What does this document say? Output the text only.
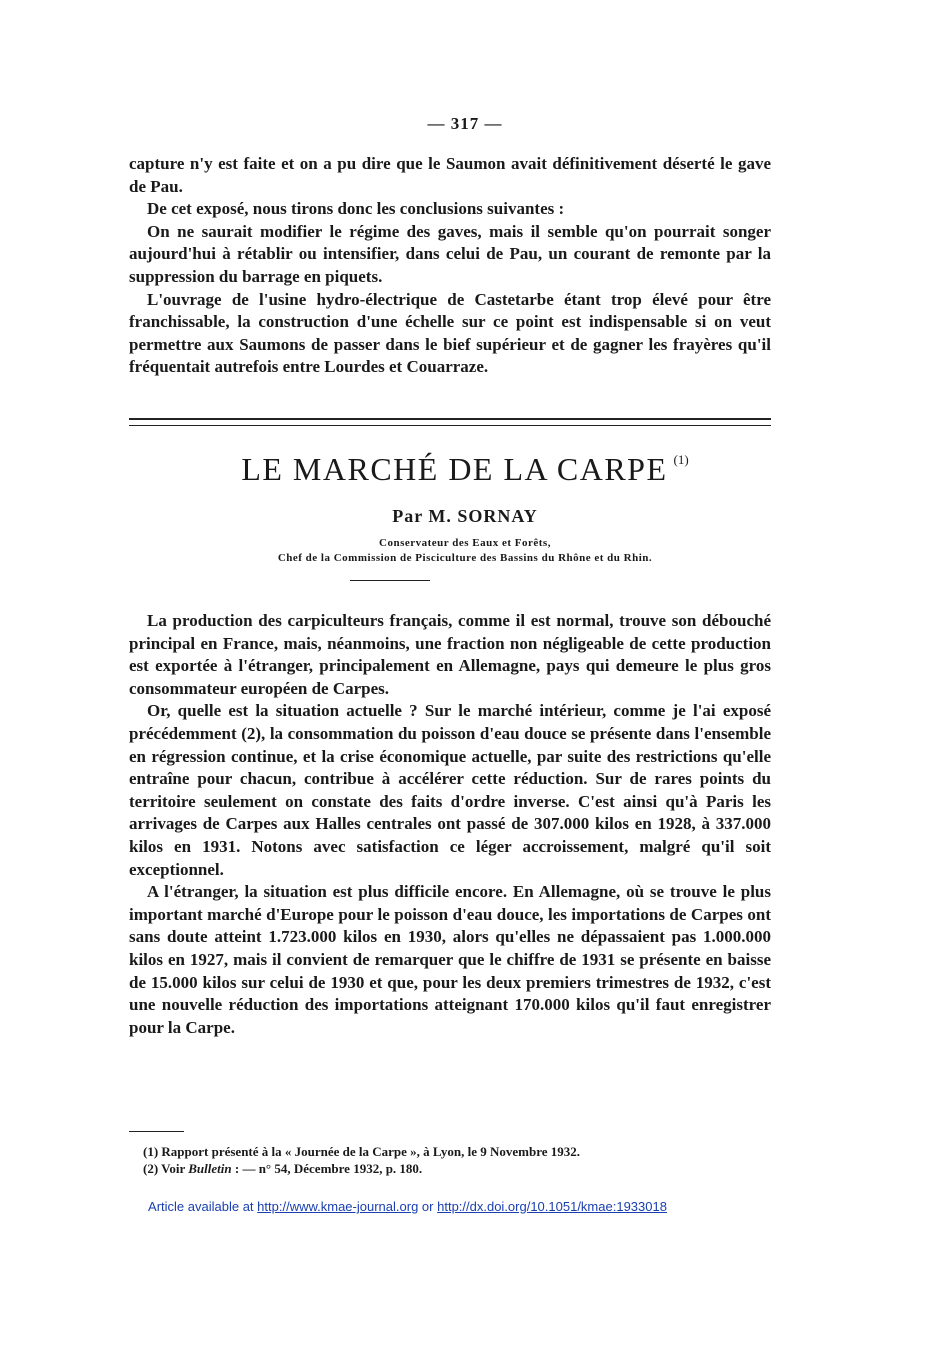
— 317 —

capture n'y est faite et on a pu dire que le Saumon avait définitivement déserté le gave de Pau.

De cet exposé, nous tirons donc les conclusions suivantes :

On ne saurait modifier le régime des gaves, mais il semble qu'on pourrait songer aujourd'hui à rétablir ou intensifier, dans celui de Pau, un courant de remonte par la suppression du barrage en piquets.

L'ouvrage de l'usine hydro-électrique de Castetarbe étant trop élevé pour être franchissable, la construction d'une échelle sur ce point est indispensable si on veut permettre aux Saumons de passer dans le bief supérieur et de gagner les frayères qu'il fréquentait autrefois entre Lourdes et Couarraze.

LE MARCHÉ DE LA CARPE $^{(1)}$
Par M. SORNAY
Conservateur des Eaux et Forêts,
Chef de la Commission de Pisciculture des Bassins du Rhône et du Rhin.

La production des carpiculteurs français, comme il est normal, trouve son débouché principal en France, mais, néanmoins, une fraction non négligeable de cette production est exportée à l'étranger, principalement en Allemagne, pays qui demeure le plus gros consommateur européen de Carpes.

Or, quelle est la situation actuelle ? Sur le marché intérieur, comme je l'ai exposé précédemment (2), la consommation du poisson d'eau douce se présente dans l'ensemble en régression continue, et la crise économique actuelle, par suite des restrictions qu'elle entraîne pour chacun, contribue à accélérer cette réduction. Sur de rares points du territoire seulement on constate des faits d'ordre inverse. C'est ainsi qu'à Paris les arrivages de Carpes aux Halles centrales ont passé de 307.000 kilos en 1928, à 337.000 kilos en 1931. Notons avec satisfaction ce léger accroissement, malgré qu'il soit exceptionnel.

A l'étranger, la situation est plus difficile encore. En Allemagne, où se trouve le plus important marché d'Europe pour le poisson d'eau douce, les importations de Carpes ont sans doute atteint 1.723.000 kilos en 1930, alors qu'elles ne dépassaient pas 1.000.000 kilos en 1927, mais il convient de remarquer que le chiffre de 1931 se présente en baisse de 15.000 kilos sur celui de 1930 et que, pour les deux premiers trimestres de 1932, c'est une nouvelle réduction des importations atteignant 170.000 kilos qu'il faut enregistrer pour la Carpe.

(1) Rapport présenté à la « Journée de la Carpe », à Lyon, le 9 Novembre 1932.
(2) Voir Bulletin : — n° 54, Décembre 1932, p. 180.
Article available at http://www.kmae-journal.org or http://dx.doi.org/10.1051/kmae:1933018
